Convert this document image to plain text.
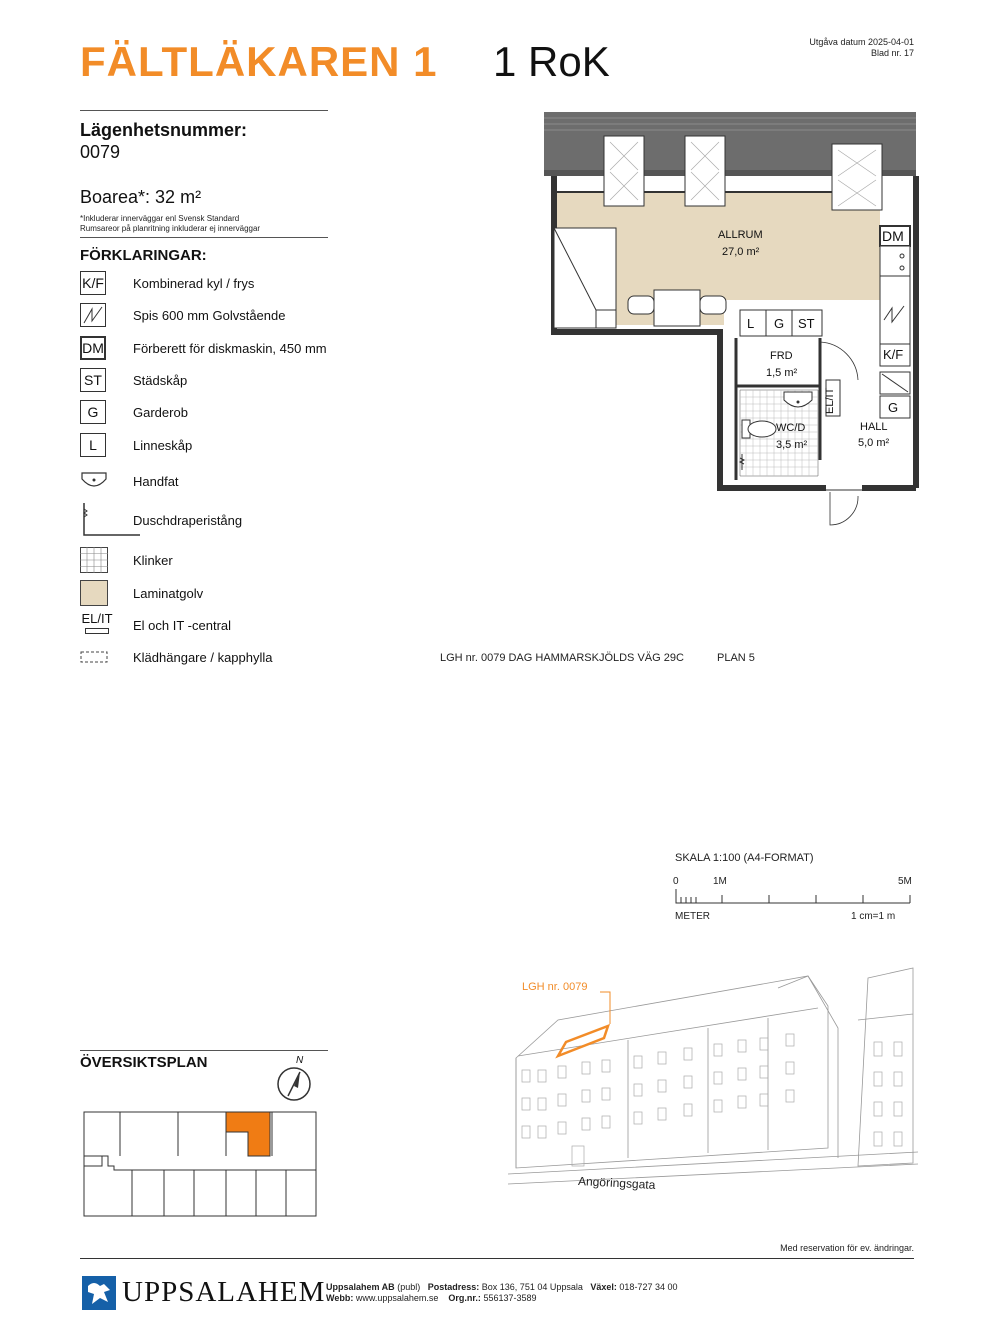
FÄLTLÄKAREN 1 1 RoK	Utgåva datum 2025-04-01
Blad nr. 17
Lägenhetsnummer:
0079
Boarea*: 32 m²
*Inkluderar innerväggar enl Svensk Standard
Rumsareor på planritning inkluderar ej innerväggar
FÖRKLARINGAR:
K/F Kombinerad kyl / frys
Spis 600 mm Golvstående
DM Förberett för diskmaskin, 450 mm
ST	Städskåp
G	Garderob
L	Linneskåp
Handfat
Duschdraperistång
Klinker
Laminatgolv
EL/IT El och IT -central
Klädhängare / kapphylla
ALLRUM
27,0 m²
DM
L G ST
FRD
1,5 m²
K/F
G
EL/IT
WC/D
3,5 m²
HALL
5,0 m²
LGH nr. 0079 DAG HAMMARSKJÖLDS VÄG 29C	PLAN 5
SKALA 1:100 (A4-FORMAT)
0	1M	5M
METER	1 cm=1 m
ÖVERSIKTSPLAN	N
LGH nr. 0079
Angöringsgata
Med reservation för ev. ändringar.
UPPSALAHEM Uppsalahem AB (publ) Postadress: Box 136, 751 04 Uppsala Växel: 018-727 34 00
Webb: www.uppsalahem.se Org.nr.: 556137-3589
